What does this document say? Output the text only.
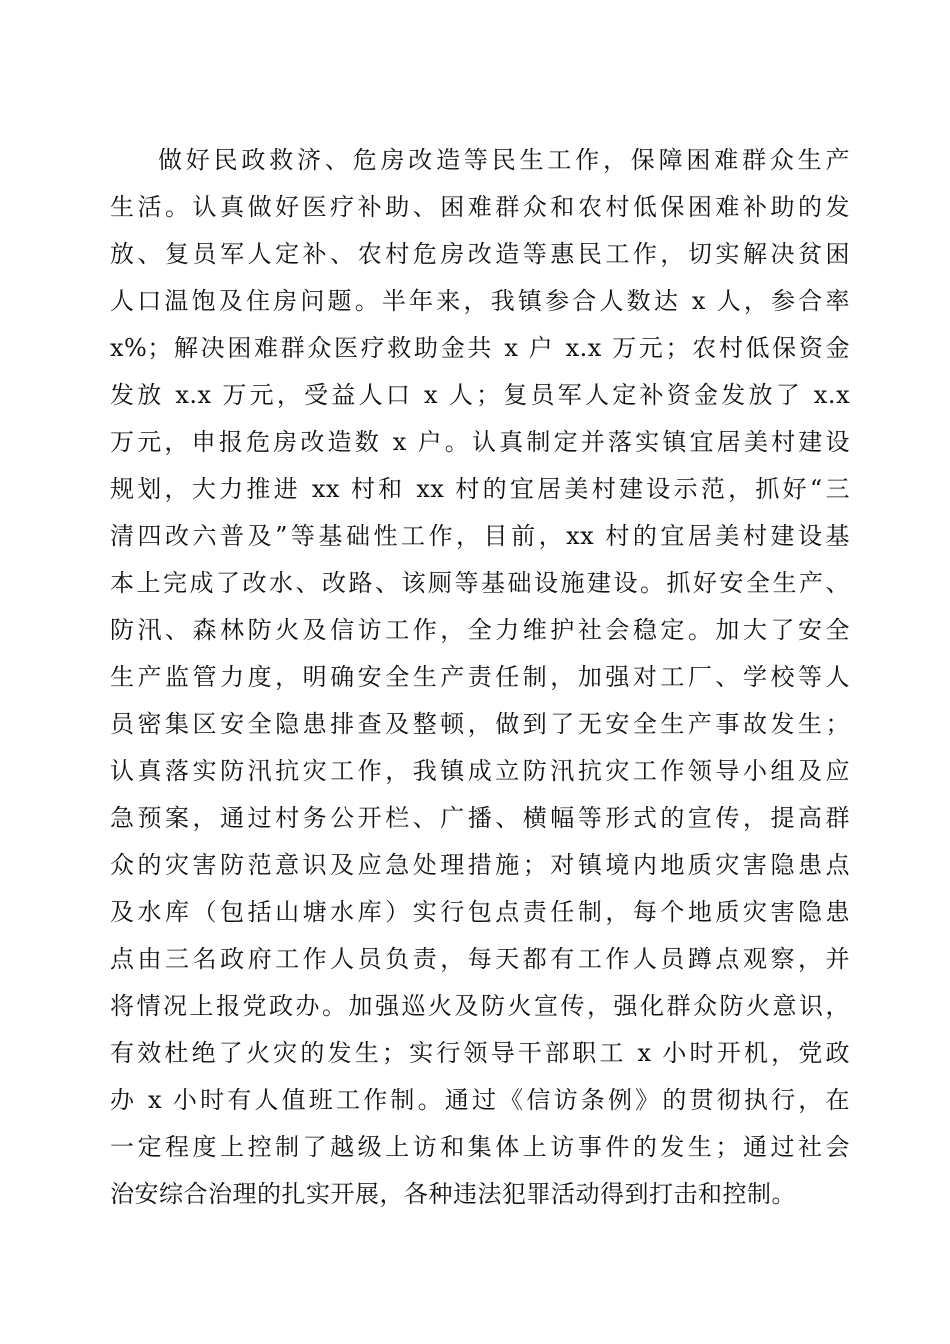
做好民政救济、危房改造等民生工作，保障困难群众生产
生活。认真做好医疗补助、困难群众和农村低保困难补助的发
放、复员军人定补、农村危房改造等惠民工作，切实解决贫困
人口温饱及住房问题。半年来，我镇参合人数达 x 人，参合率
x%；解决困难群众医疗救助金共 x 户 x.x 万元；农村低保资金
发放 x.x 万元，受益人口 x 人；复员军人定补资金发放了 x.x
万元，申报危房改造数 x 户。认真制定并落实镇宜居美村建设
规划，大力推进 xx 村和 xx 村的宜居美村建设示范，抓好“三
清四改六普及”等基础性工作，目前，xx 村的宜居美村建设基
本上完成了改水、改路、该厕等基础设施建设。抓好安全生产、
防汛、森林防火及信访工作，全力维护社会稳定。加大了安全
生产监管力度，明确安全生产责任制，加强对工厂、学校等人
员密集区安全隐患排查及整顿，做到了无安全生产事故发生；
认真落实防汛抗灾工作，我镇成立防汛抗灾工作领导小组及应
急预案，通过村务公开栏、广播、横幅等形式的宣传，提高群
众的灾害防范意识及应急处理措施；对镇境内地质灾害隐患点
及水库（包括山塘水库）实行包点责任制，每个地质灾害隐患
点由三名政府工作人员负责，每天都有工作人员蹲点观察，并
将情况上报党政办。加强巡火及防火宣传，强化群众防火意识，
有效杜绝了火灾的发生；实行领导干部职工 x 小时开机，党政
办 x 小时有人值班工作制。通过《信访条例》的贯彻执行，在
一定程度上控制了越级上访和集体上访事件的发生；通过社会
治安综合治理的扎实开展，各种违法犯罪活动得到打击和控制。
